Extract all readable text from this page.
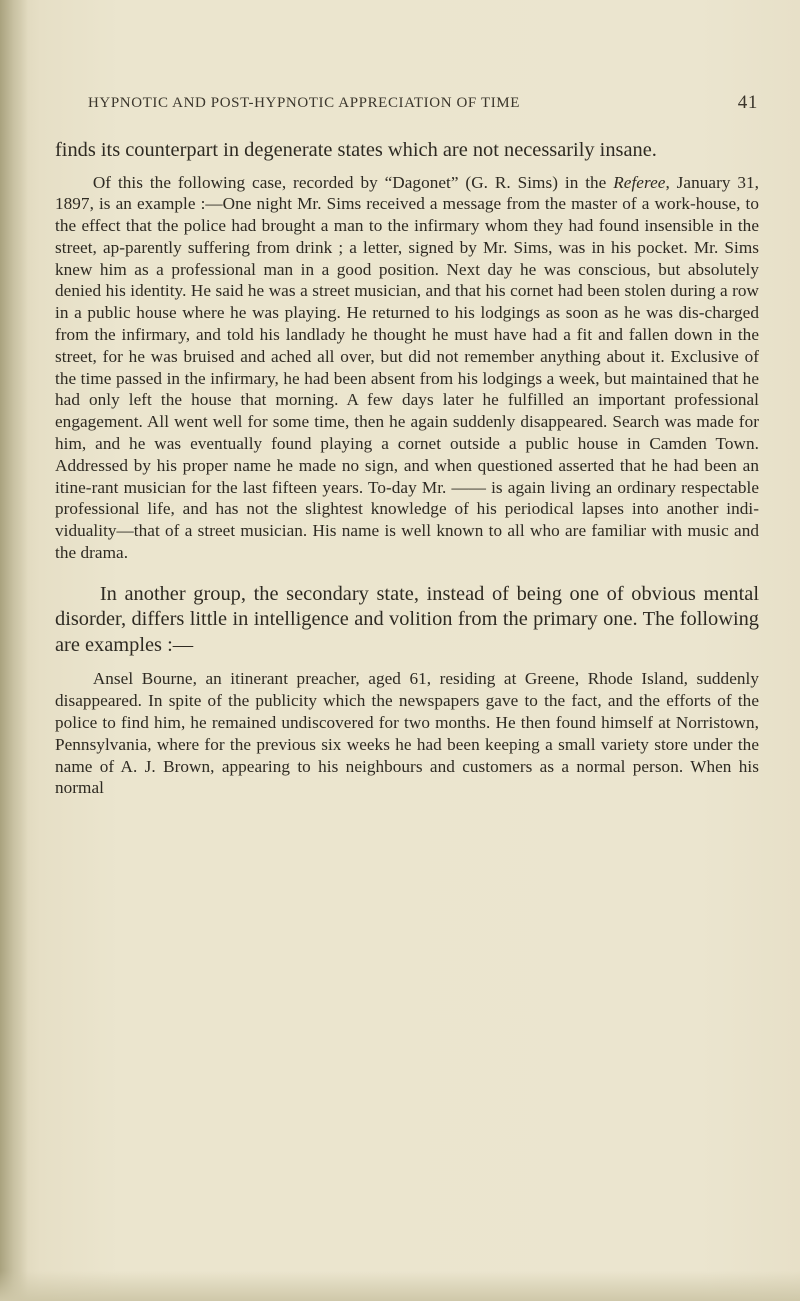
HYPNOTIC AND POST-HYPNOTIC APPRECIATION OF TIME	41

finds its counterpart in degenerate states which are not necessarily insane.

Of this the following case, recorded by “Dagonet” (G. R. Sims) in the Referee, January 31, 1897, is an example :—One night Mr. Sims received a message from the master of a work-house, to the effect that the police had brought a man to the infirmary whom they had found insensible in the street, ap-parently suffering from drink ; a letter, signed by Mr. Sims, was in his pocket. Mr. Sims knew him as a professional man in a good position. Next day he was conscious, but absolutely denied his identity. He said he was a street musician, and that his cornet had been stolen during a row in a public house where he was playing. He returned to his lodgings as soon as he was dis-charged from the infirmary, and told his landlady he thought he must have had a fit and fallen down in the street, for he was bruised and ached all over, but did not remember anything about it. Exclusive of the time passed in the infirmary, he had been absent from his lodgings a week, but maintained that he had only left the house that morning. A few days later he fulfilled an important professional engagement. All went well for some time, then he again suddenly disappeared. Search was made for him, and he was eventually found playing a cornet outside a public house in Camden Town. Addressed by his proper name he made no sign, and when questioned asserted that he had been an itine-rant musician for the last fifteen years. To-day Mr. —— is again living an ordinary respectable professional life, and has not the slightest knowledge of his periodical lapses into another indi-viduality—that of a street musician. His name is well known to all who are familiar with music and the drama.

In another group, the secondary state, instead of being one of obvious mental disorder, differs little in intelligence and volition from the primary one. The following are examples :—

Ansel Bourne, an itinerant preacher, aged 61, residing at Greene, Rhode Island, suddenly disappeared. In spite of the publicity which the newspapers gave to the fact, and the efforts of the police to find him, he remained undiscovered for two months. He then found himself at Norristown, Pennsylvania, where for the previous six weeks he had been keeping a small variety store under the name of A. J. Brown, appearing to his neighbours and customers as a normal person. When his normal
